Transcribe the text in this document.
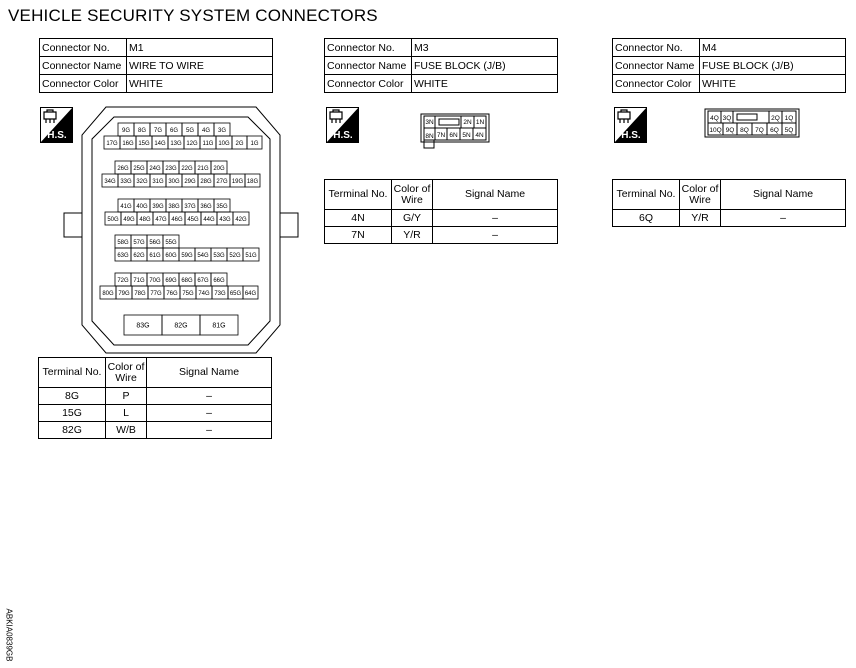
VEHICLE SECURITY SYSTEM CONNECTORS
Connector No.	M1
Connector Name	WIRE TO WIRE
Connector Color	WHITE
H.S.	9G 8G 7G 6G 5G 4G 3G
17G 16G 15G 14G 13G 12G 11G 10G 2G 1G
26G 25G 24G 23G 22G 21G 20G
34G 33G 32G 31G 30G 29G 28G 27G 19G 18G
41G 40G 39G 38G 37G 36G 35G
50G 49G 48G 47G 46G 45G 44G 43G 42G
58G 57G 56G 55G
63G 62G 61G 60G 59G 54G 53G 52G 51G
72G 71G 70G 69G 68G 67G 66G
80G 79G 78G 77G 76G 75G 74G 73G 65G 64G
83G	82G	81G
Terminal No.	Color of Wire	Signal Name
8G	P	–
15G	L	–
82G	W/B	–
Connector No.	M3
Connector Name	FUSE BLOCK (J/B)
Connector Color	WHITE
H.S.
3N	2N 1N
8N 7N 6N 5N 4N
Terminal No.	Color of Wire	Signal Name
4N	G/Y	–
7N	Y/R	–
Connector No.	M4
Connector Name	FUSE BLOCK (J/B)
Connector Color	WHITE
H.S.
4Q 3Q	2Q 1Q
10Q 9Q 8Q 7Q 6Q 5Q
Terminal No.	Color of Wire	Signal Name
6Q	Y/R	–
ABKIA0839GB
